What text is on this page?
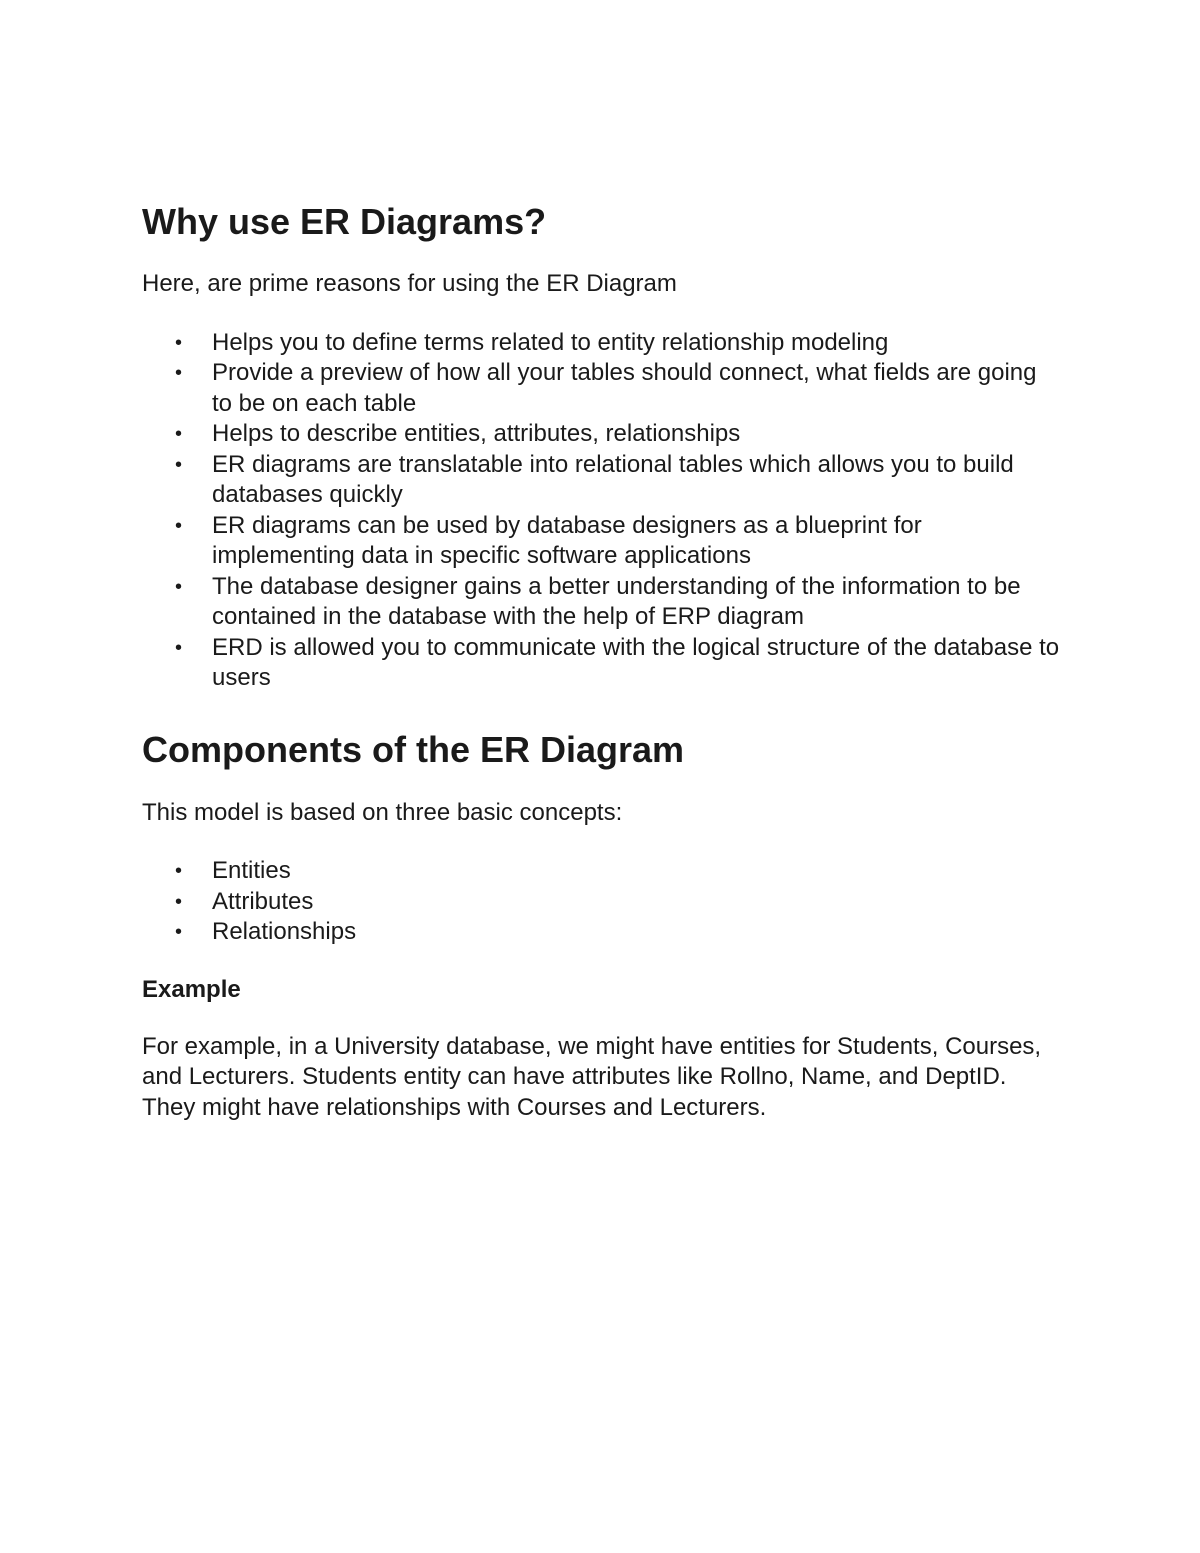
Why use ER Diagrams?

Here, are prime reasons for using the ER Diagram

• Helps you to define terms related to entity relationship modeling
• Provide a preview of how all your tables should connect, what fields are going to be on each table
• Helps to describe entities, attributes, relationships
• ER diagrams are translatable into relational tables which allows you to build databases quickly
• ER diagrams can be used by database designers as a blueprint for implementing data in specific software applications
• The database designer gains a better understanding of the information to be contained in the database with the help of ERP diagram
• ERD is allowed you to communicate with the logical structure of the database to users
Components of the ER Diagram

This model is based on three basic concepts:

• Entities
• Attributes
• Relationships
Example

For example, in a University database, we might have entities for Students, Courses, and Lecturers. Students entity can have attributes like Rollno, Name, and DeptID. They might have relationships with Courses and Lecturers.
